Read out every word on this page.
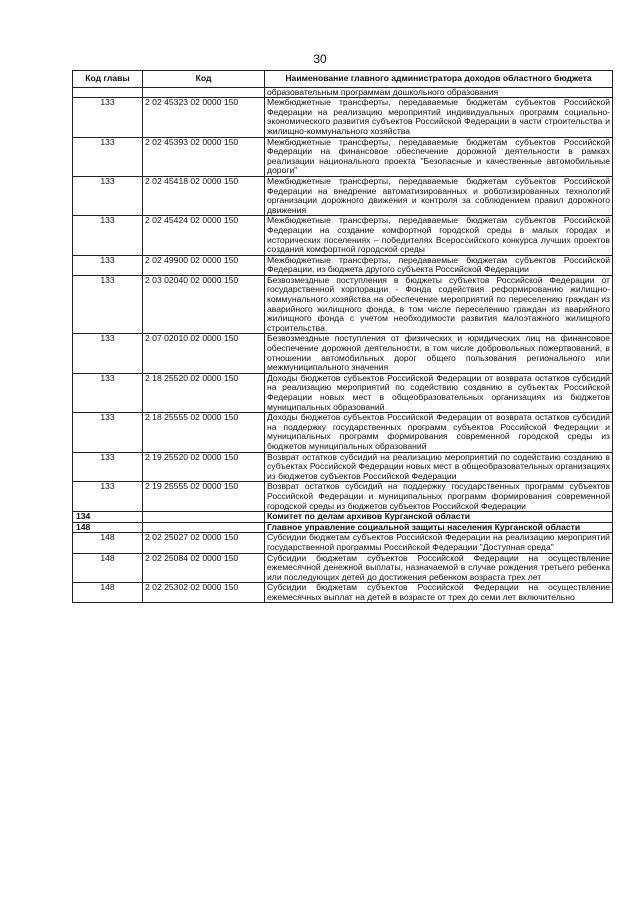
30
Код главы	Код	Наименование главного администратора доходов областного бюджета
		образовательным программам дошкольного образования
133	2 02 45323 02 0000 150	Межбюджетные трансферты, передаваемые бюджетам субъектов Российской Федерации на реализацию мероприятий индивидуальных программ социально-экономического развития субъектов Российской Федерации в части строительства и жилищно-коммунального хозяйства
133	2 02 45393 02 0000 150	Межбюджетные трансферты, передаваемые бюджетам субъектов Российской Федерации на финансовое обеспечение дорожной деятельности в рамках реализации национального проекта "Безопасные и качественные автомобильные дороги"
133	2 02 45418 02 0000 150	Межбюджетные трансферты, передаваемые бюджетам субъектов Российской Федерации на внедрение автоматизированных и роботизированных технологий организации дорожного движения и контроля за соблюдением правил дорожного движения
133	2 02 45424 02 0000 150	Межбюджетные трансферты, передаваемые бюджетам субъектов Российской Федерации на создание комфортной городской среды в малых городах и исторических поселениях – победителях Всероссийского конкурса лучших проектов создания комфортной городской среды
133	2 02 49900 02 0000 150	Межбюджетные трансферты, передаваемые бюджетам субъектов Российской Федерации, из бюджета другого субъекта Российской Федерации
133	2 03 02040 02 0000 150	Безвозмездные поступления в бюджеты субъектов Российской Федерации от государственной корпорации - Фонда содействия реформированию жилищно-коммунального хозяйства на обеспечение мероприятий по переселению граждан из аварийного жилищного фонда, в том числе переселению граждан из аварийного жилищного фонда с учетом необходимости развития малоэтажного жилищного строительства
133	2 07 02010 02 0000 150	Безвозмездные поступления от физических и юридических лиц на финансовое обеспечение дорожной деятельности, в том числе добровольных пожертвований, в отношении автомобильных дорог общего пользования регионального или межмуниципального значения
133	2 18 25520 02 0000 150	Доходы бюджетов субъектов Российской Федерации от возврата остатков субсидий на реализацию мероприятий по содействию созданию в субъектах Российской Федерации новых мест в общеобразовательных организациях из бюджетов муниципальных образований
133	2 18 25555 02 0000 150	Доходы бюджетов субъектов Российской Федерации от возврата остатков субсидий на поддержку государственных программ субъектов Российской Федерации и муниципальных программ формирования современной городской среды из бюджетов муниципальных образований
133	2 19 25520 02 0000 150	Возврат остатков субсидий на реализацию мероприятий по содействию созданию в субъектах Российской Федерации новых мест в общеобразовательных организациях из бюджетов субъектов Российской Федерации
133	2 19 25555 02 0000 150	Возврат остатков субсидий на поддержку государственных программ субъектов Российской Федерации и муниципальных программ формирования современной городской среды из бюджетов субъектов Российской Федерации
134		Комитет по делам архивов Курганской области
148		Главное управление социальной защиты населения Курганской области
148	2 02 25027 02 0000 150	Субсидии бюджетам субъектов Российской Федерации на реализацию мероприятий государственной программы Российской Федерации "Доступная среда"
148	2 02 25084 02 0000 150	Субсидии бюджетам субъектов Российской Федерации на осуществление ежемесячной денежной выплаты, назначаемой в случае рождения третьего ребенка или последующих детей до достижения ребенком возраста трех лет
148	2 02 25302 02 0000 150	Субсидии бюджетам субъектов Российской Федерации на осуществление ежемесячных выплат на детей в возрасте от трех до семи лет включительно
